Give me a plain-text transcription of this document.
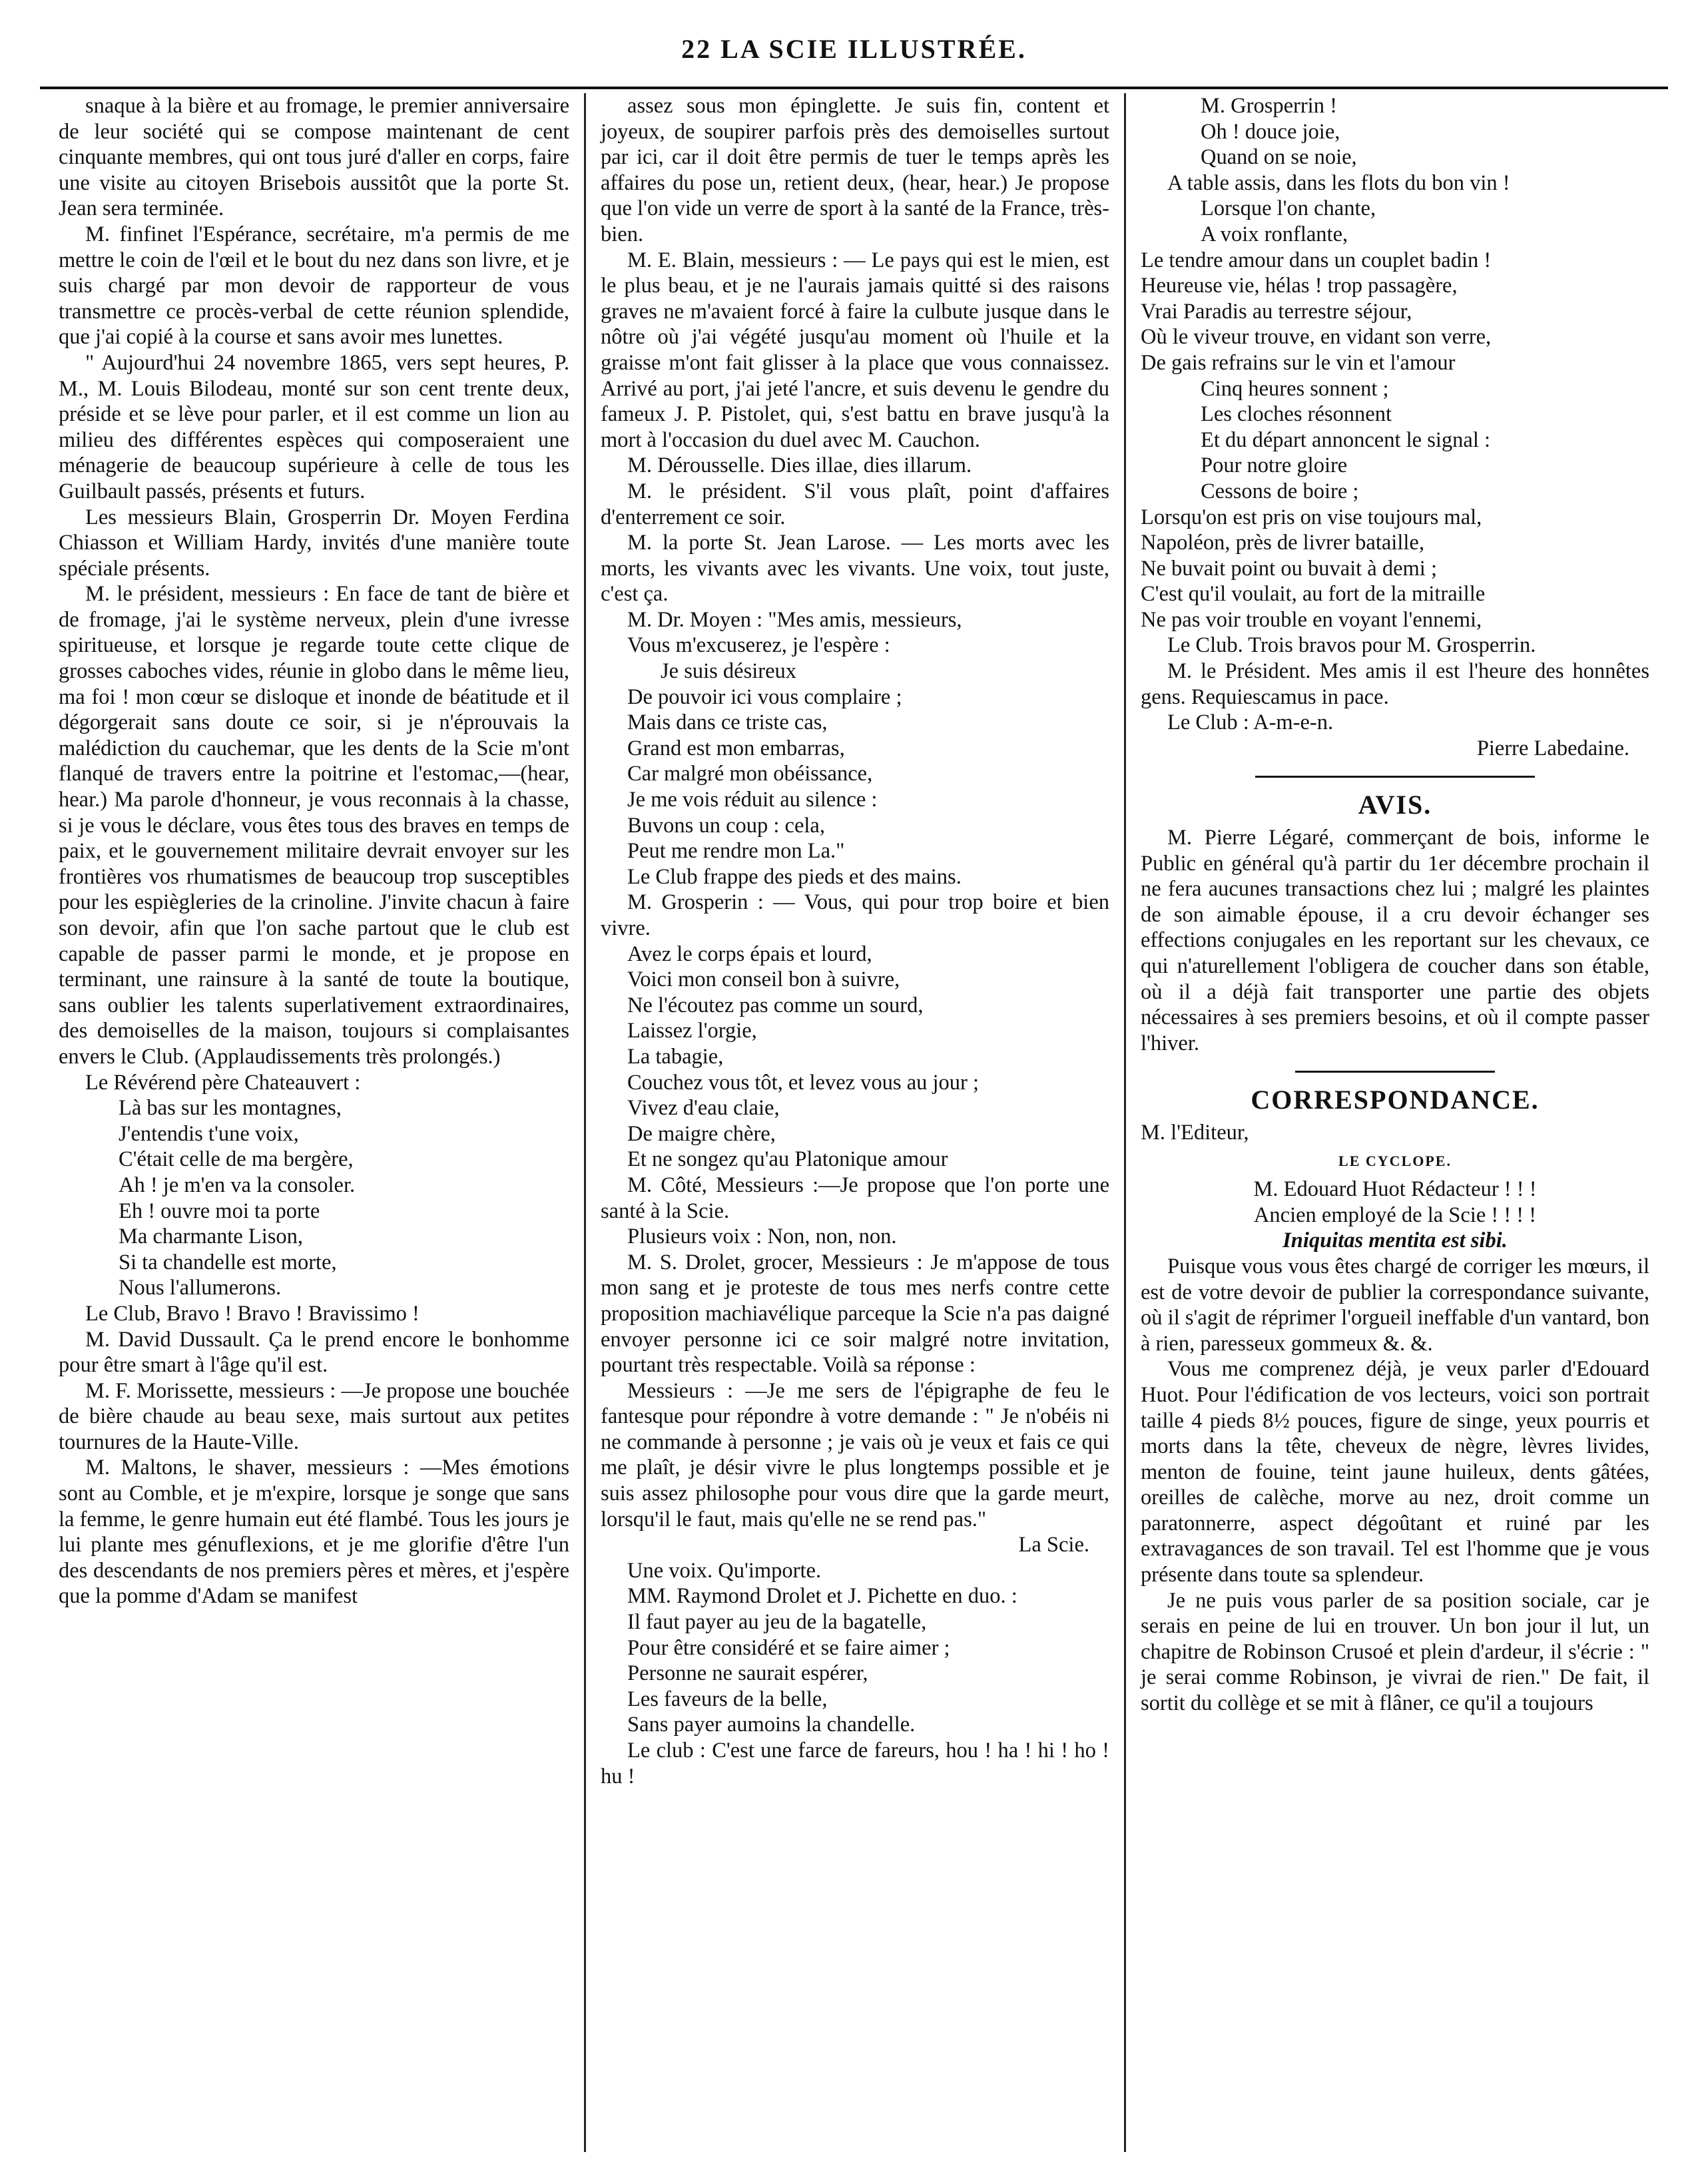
22 LA SCIE ILLUSTRÉE.

snaque à la bière et au fromage, le premier anniversaire de leur société qui se compose maintenant de cent cinquante membres, qui ont tous juré d'aller en corps, faire une visite au citoyen Brisebois aussitôt que la porte St. Jean sera terminée.

M. finfinet l'Espérance, secrétaire, m'a permis de me mettre le coin de l'œil et le bout du nez dans son livre, et je suis chargé par mon devoir de rapporteur de vous transmettre ce procès-verbal de cette réunion splendide, que j'ai copié à la course et sans avoir mes lunettes.

" Aujourd'hui 24 novembre 1865, vers sept heures, P. M., M. Louis Bilodeau, monté sur son cent trente deux, préside et se lève pour parler, et il est comme un lion au milieu des différentes espèces qui composeraient une ménagerie de beaucoup supérieure à celle de tous les Guilbault passés, présents et futurs.

Les messieurs Blain, Grosperrin Dr. Moyen Ferdina Chiasson et William Hardy, invités d'une manière toute spéciale présents.

M. le président, messieurs : En face de tant de bière et de fromage, j'ai le système nerveux, plein d'une ivresse spiritueuse, et lorsque je regarde toute cette clique de grosses caboches vides, réunie in globo dans le même lieu, ma foi ! mon cœur se disloque et inonde de béatitude et il dégorgerait sans doute ce soir, si je n'éprouvais la malédiction du cauchemar, que les dents de la Scie m'ont flanqué de travers entre la poitrine et l'estomac,—(hear, hear.) Ma parole d'honneur, je vous reconnais à la chasse, si je vous le déclare, vous êtes tous des braves en temps de paix, et le gouvernement militaire devrait envoyer sur les frontières vos rhumatismes de beaucoup trop susceptibles pour les espiègleries de la crinoline. J'invite chacun à faire son devoir, afin que l'on sache partout que le club est capable de passer parmi le monde, et je propose en terminant, une rainsure à la santé de toute la boutique, sans oublier les talents superlativement extraordinaires, des demoiselles de la maison, toujours si complaisantes envers le Club. (Applaudissements très prolongés.)

Le Révérend père Chateauvert :

Là bas sur les montagnes,

J'entendis t'une voix,

C'était celle de ma bergère,

Ah ! je m'en va la consoler.

Eh ! ouvre moi ta porte

Ma charmante Lison,

Si ta chandelle est morte,

Nous l'allumerons.

Le Club, Bravo ! Bravo ! Bravissimo !

M. David Dussault. Ça le prend encore le bonhomme pour être smart à l'âge qu'il est.

M. F. Morissette, messieurs : —Je propose une bouchée de bière chaude au beau sexe, mais surtout aux petites tournures de la Haute-Ville.

M. Maltons, le shaver, messieurs : —Mes émotions sont au Comble, et je m'expire, lorsque je songe que sans la femme, le genre humain eut été flambé. Tous les jours je lui plante mes génuflexions, et je me glorifie d'être l'un des descendants de nos premiers pères et mères, et j'espère que la pomme d'Adam se manifest

assez sous mon épinglette. Je suis fin, content et joyeux, de soupirer parfois près des demoiselles surtout par ici, car il doit être permis de tuer le temps après les affaires du pose un, retient deux, (hear, hear.) Je propose que l'on vide un verre de sport à la santé de la France, très-bien.

M. E. Blain, messieurs : — Le pays qui est le mien, est le plus beau, et je ne l'aurais jamais quitté si des raisons graves ne m'avaient forcé à faire la culbute jusque dans le nôtre où j'ai végété jusqu'au moment où l'huile et la graisse m'ont fait glisser à la place que vous connaissez. Arrivé au port, j'ai jeté l'ancre, et suis devenu le gendre du fameux J. P. Pistolet, qui, s'est battu en brave jusqu'à la mort à l'occasion du duel avec M. Cauchon.

M. Dérousselle. Dies illae, dies illarum.

M. le président. S'il vous plaît, point d'affaires d'enterrement ce soir.

M. la porte St. Jean Larose. — Les morts avec les morts, les vivants avec les vivants. Une voix, tout juste, c'est ça.

M. Dr. Moyen : "Mes amis, messieurs,

Vous m'excuserez, je l'espère :

Je suis désireux

De pouvoir ici vous complaire ;

Mais dans ce triste cas,

Grand est mon embarras,

Car malgré mon obéissance,

Je me vois réduit au silence :

Buvons un coup : cela,

Peut me rendre mon La."

Le Club frappe des pieds et des mains.

M. Grosperin : — Vous, qui pour trop boire et bien vivre.

Avez le corps épais et lourd,

Voici mon conseil bon à suivre,

Ne l'écoutez pas comme un sourd,

Laissez l'orgie,

La tabagie,

Couchez vous tôt, et levez vous au jour ;

Vivez d'eau claie,

De maigre chère,

Et ne songez qu'au Platonique amour

M. Côté, Messieurs :—Je propose que l'on porte une santé à la Scie.

Plusieurs voix : Non, non, non.

M. S. Drolet, grocer, Messieurs : Je m'appose de tous mon sang et je proteste de tous mes nerfs contre cette proposition machiavélique parceque la Scie n'a pas daigné envoyer personne ici ce soir malgré notre invitation, pourtant très respectable. Voilà sa réponse :

Messieurs : —Je me sers de l'épigraphe de feu le fantesque pour répondre à votre demande : " Je n'obéis ni ne commande à personne ; je vais où je veux et fais ce qui me plaît, je désir vivre le plus longtemps possible et je suis assez philosophe pour vous dire que la garde meurt, lorsqu'il le faut, mais qu'elle ne se rend pas."

La Scie.

Une voix. Qu'importe.

MM. Raymond Drolet et J. Pichette en duo. :

Il faut payer au jeu de la bagatelle,

Pour être considéré et se faire aimer ;

Personne ne saurait espérer,

Les faveurs de la belle,

Sans payer aumoins la chandelle.

Le club : C'est une farce de fareurs, hou ! ha ! hi ! ho ! hu !

M. Grosperrin !

Oh ! douce joie,

Quand on se noie,

A table assis, dans les flots du bon vin !

Lorsque l'on chante,

A voix ronflante,

Le tendre amour dans un couplet badin !

Heureuse vie, hélas ! trop passagère,

Vrai Paradis au terrestre séjour,

Où le viveur trouve, en vidant son verre,

De gais refrains sur le vin et l'amour

Cinq heures sonnent ;

Les cloches résonnent

Et du départ annoncent le signal :

Pour notre gloire

Cessons de boire ;

Lorsqu'on est pris on vise toujours mal,

Napoléon, près de livrer bataille,

Ne buvait point ou buvait à demi ;

C'est qu'il voulait, au fort de la mitraille

Ne pas voir trouble en voyant l'ennemi,

Le Club. Trois bravos pour M. Grosperrin.

M. le Président. Mes amis il est l'heure des honnêtes gens. Requiescamus in pace.

Le Club : A-m-e-n.

Pierre Labedaine.

AVIS.

M. Pierre Légaré, commerçant de bois, informe le Public en général qu'à partir du 1er décembre prochain il ne fera aucunes transactions chez lui ; malgré les plaintes de son aimable épouse, il a cru devoir échanger ses effections conjugales en les reportant sur les chevaux, ce qui n'aturellement l'obligera de coucher dans son étable, où il a déjà fait transporter une partie des objets nécessaires à ses premiers besoins, et où il compte passer l'hiver.

CORRESPONDANCE.

M. l'Editeur,

LE CYCLOPE.

M. Edouard Huot Rédacteur ! ! !

Ancien employé de la Scie ! ! ! !

Iniquitas mentita est sibi.

Puisque vous vous êtes chargé de corriger les mœurs, il est de votre devoir de publier la correspondance suivante, où il s'agit de réprimer l'orgueil ineffable d'un vantard, bon à rien, paresseux gommeux &. &.

Vous me comprenez déjà, je veux parler d'Edouard Huot. Pour l'édification de vos lecteurs, voici son portrait taille 4 pieds 8½ pouces, figure de singe, yeux pourris et morts dans la tête, cheveux de nègre, lèvres livides, menton de fouine, teint jaune huileux, dents gâtées, oreilles de calèche, morve au nez, droit comme un paratonnerre, aspect dégoûtant et ruiné par les extravagances de son travail. Tel est l'homme que je vous présente dans toute sa splendeur.

Je ne puis vous parler de sa position sociale, car je serais en peine de lui en trouver. Un bon jour il lut, un chapitre de Robinson Crusoé et plein d'ardeur, il s'écrie : " je serai comme Robinson, je vivrai de rien." De fait, il sortit du collège et se mit à flâner, ce qu'il a toujours
